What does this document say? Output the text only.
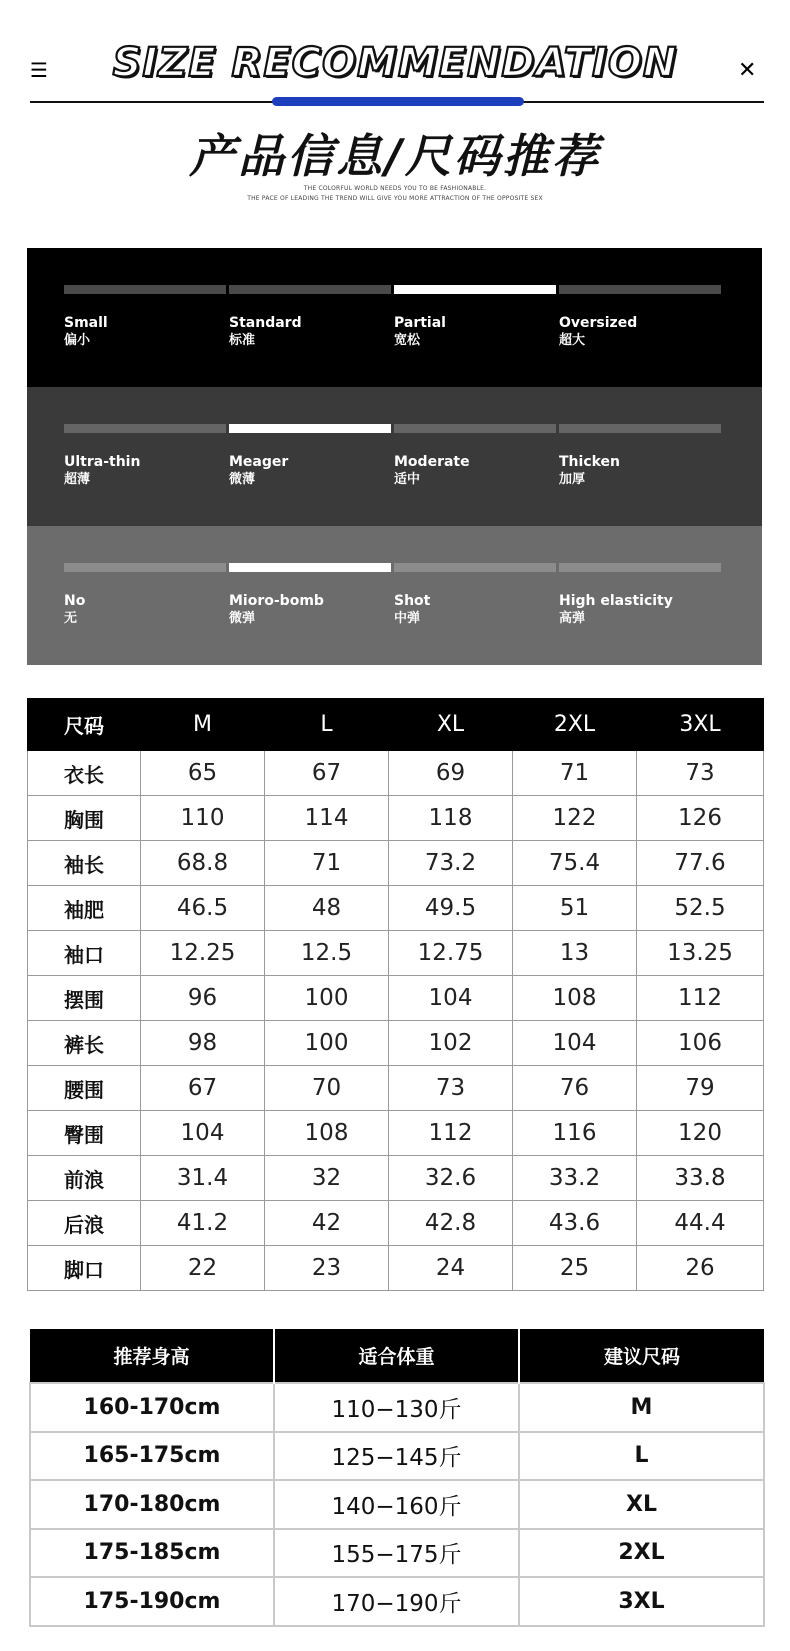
☰	SIZE RECOMMENDATION	✕
产品信息/尺码推荐
THE COLORFUL WORLD NEEDS YOU TO BE FASHIONABLE.
THE PACE OF LEADING THE TREND WILL GIVE YOU MORE ATTRACTION OF THE OPPOSITE SEX
Small
偏小
Standard
标准
Partial
宽松
Oversized
超大
Ultra-thin
超薄
Meager
微薄
Moderate
适中
Thicken
加厚
No
无
Mioro-bomb
微弹
Shot
中弹
High elasticity
高弹
尺码	M	L	XL	2XL	3XL
衣长	65	67	69	71	73
胸围	110	114	118	122	126
袖长	68.8	71	73.2	75.4	77.6
袖肥	46.5	48	49.5	51	52.5
袖口	12.25	12.5	12.75	13	13.25
摆围	96	100	104	108	112
裤长	98	100	102	104	106
腰围	67	70	73	76	79
臀围	104	108	112	116	120
前浪	31.4	32	32.6	33.2	33.8
后浪	41.2	42	42.8	43.6	44.4
脚口	22	23	24	25	26
推荐身高	适合体重	建议尺码
160-170cm	110−130斤	M
165-175cm	125−145斤	L
170-180cm	140−160斤	XL
175-185cm	155−175斤	2XL
175-190cm	170−190斤	3XL
